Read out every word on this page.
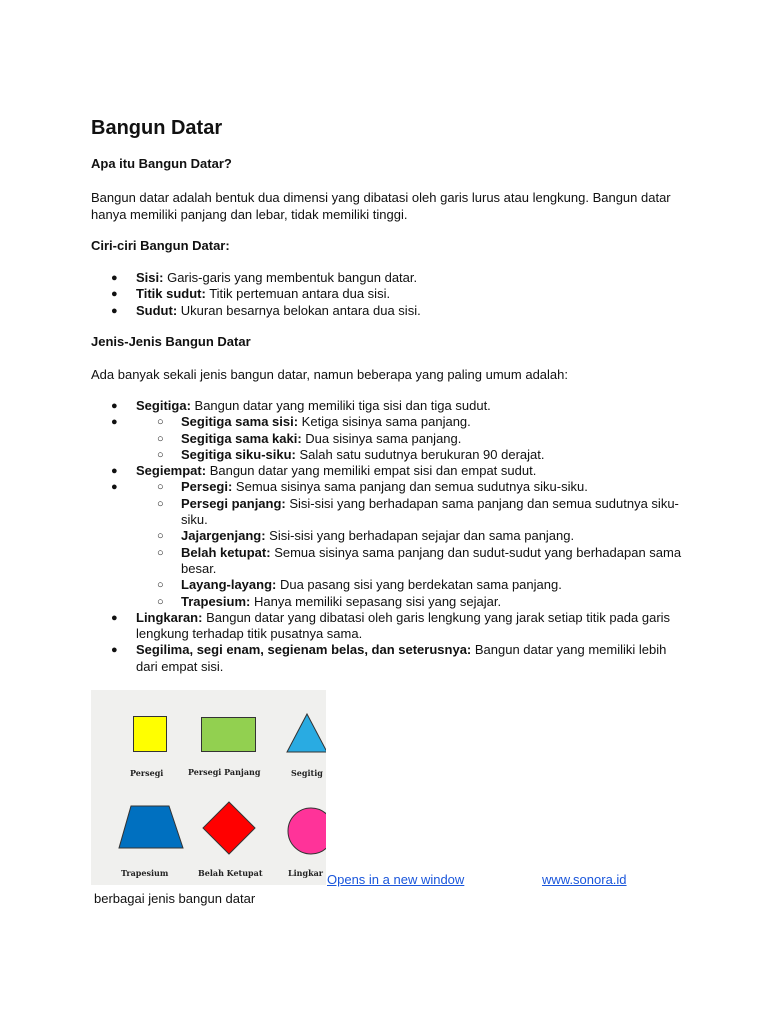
Bangun Datar

Apa itu Bangun Datar?

Bangun datar adalah bentuk dua dimensi yang dibatasi oleh garis lurus atau lengkung. Bangun datar hanya memiliki panjang dan lebar, tidak memiliki tinggi.

Ciri-ciri Bangun Datar:

● Sisi: Garis-garis yang membentuk bangun datar.
● Titik sudut: Titik pertemuan antara dua sisi.
● Sudut: Ukuran besarnya belokan antara dua sisi.

Jenis-Jenis Bangun Datar

Ada banyak sekali jenis bangun datar, namun beberapa yang paling umum adalah:

● Segitiga: Bangun datar yang memiliki tiga sisi dan tiga sudut.
○ ● Segitiga sama sisi: Ketiga sisinya sama panjang.
○ Segitiga sama kaki: Dua sisinya sama panjang.
○ Segitiga siku-siku: Salah satu sudutnya berukuran 90 derajat.
● Segiempat: Bangun datar yang memiliki empat sisi dan empat sudut.
○ ● Persegi: Semua sisinya sama panjang dan semua sudutnya siku-siku.
○ Persegi panjang: Sisi-sisi yang berhadapan sama panjang dan semua sudutnya siku-siku.
○ Jajargenjang: Sisi-sisi yang berhadapan sejajar dan sama panjang.
○ Belah ketupat: Semua sisinya sama panjang dan sudut-sudut yang berhadapan sama besar.
○ Layang-layang: Dua pasang sisi yang berdekatan sama panjang.
○ Trapesium: Hanya memiliki sepasang sisi yang sejajar.
● Lingkaran: Bangun datar yang dibatasi oleh garis lengkung yang jarak setiap titik pada garis lengkung terhadap titik pusatnya sama.
● Segilima, segi enam, segienam belas, dan seterusnya: Bangun datar yang memiliki lebih dari empat sisi.
Persegi	Persegi Panjang	Segitig
Trapesium	Belah Ketupat	Lingkar Opens in a new window	www.sonora.id
berbagai jenis bangun datar
